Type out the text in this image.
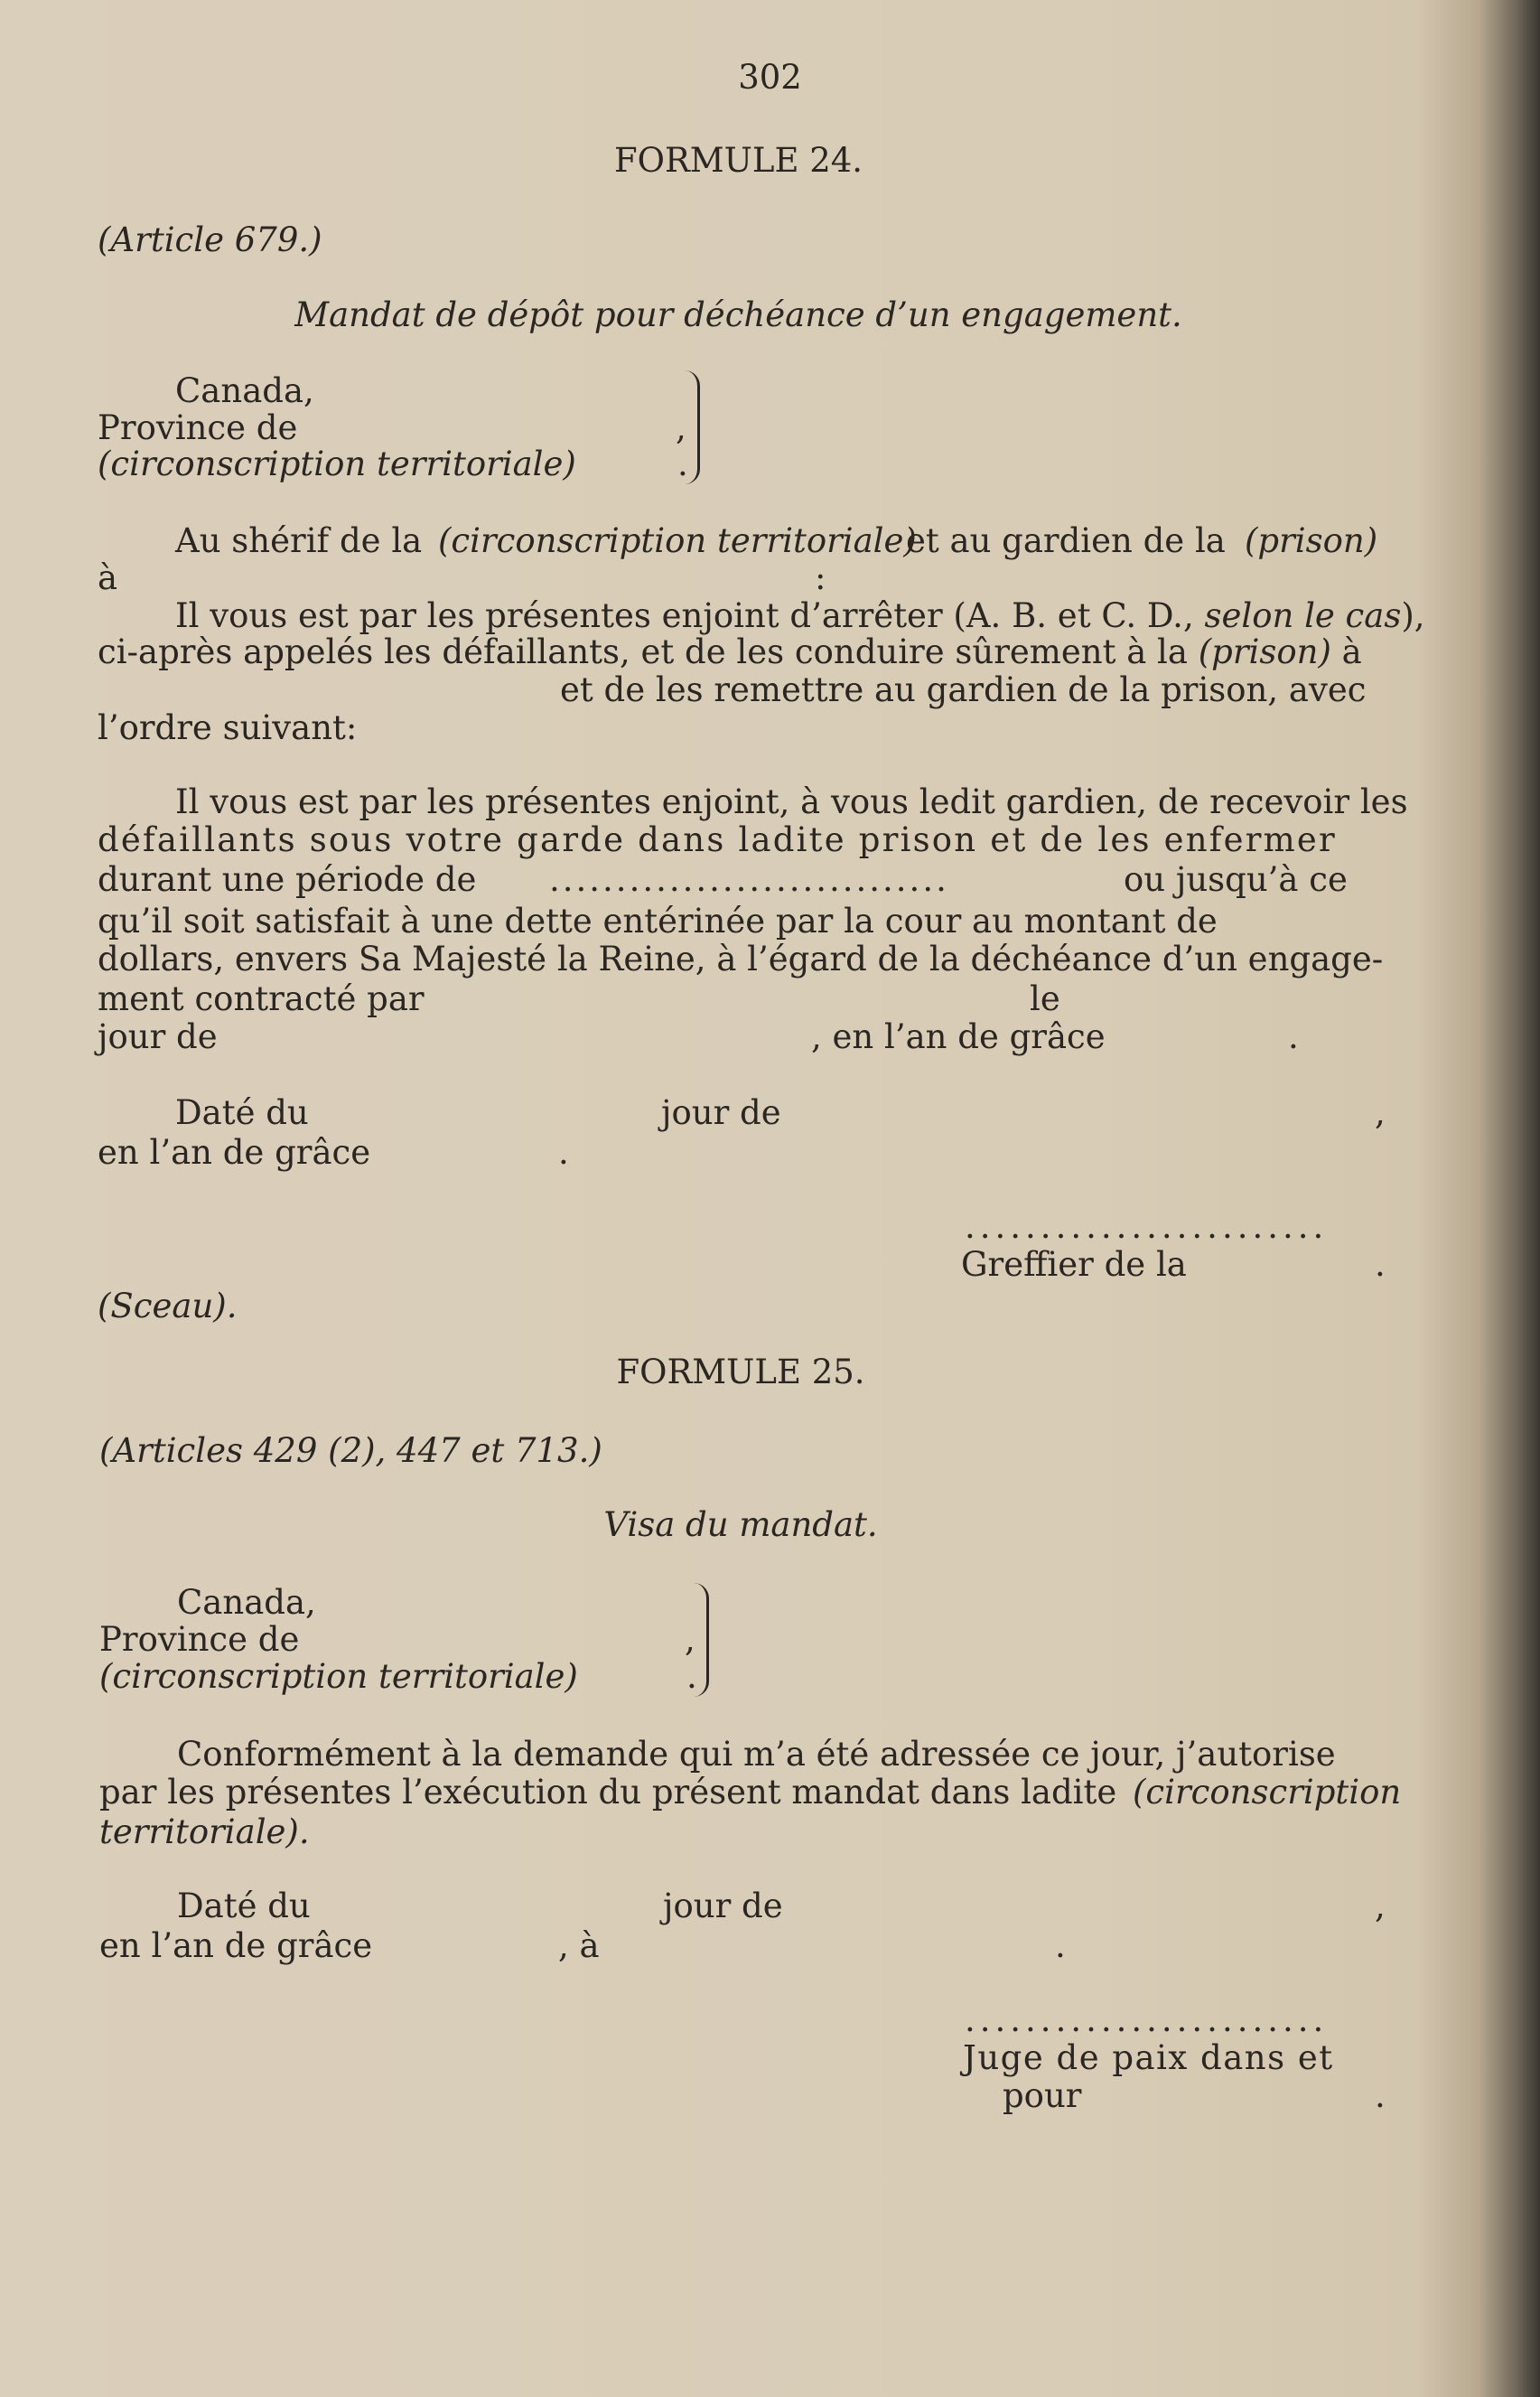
302
FORMULE 24.
(Article 679.)
Mandat de dépôt pour déchéance d’un engagement.
Canada,
Province de	,
(circonscription territoriale)	.
Au shérif de la (circonscription territoriale)
et au gardien de la (prison)
à	:
Il vous est par les présentes enjoint d’arrêter (A. B. et C. D., selon le cas),
ci-après appelés les défaillants, et de les conduire sûrement à la (prison) à
et de les remettre au gardien de la prison, avec
l’ordre suivant:
Il vous est par les présentes enjoint, à vous ledit gardien, de recevoir les
défaillants sous votre garde dans ladite prison et de les enfermer
durant une période de ..............................	ou jusqu’à ce
qu’il soit satisfait à une dette entérinée par la cour au montant de
dollars, envers Sa Majesté la Reine, à l’égard de la déchéance d’un engage-
ment contracté par	le
jour de	, en l’an de grâce	.
Daté du	jour de	,
en l’an de grâce	.
........................
Greffier de la	.
(Sceau).
FORMULE 25.
(Articles 429 (2), 447 et 713.)
Visa du mandat.
Canada,
Province de	,
(circonscription territoriale)	.
Conformément à la demande qui m’a été adressée ce jour, j’autorise
par les présentes l’exécution du présent mandat dans ladite (circonscription
territoriale).
Daté du	jour de	,
en l’an de grâce	, à	.
........................
Juge de paix dans et
pour	.
